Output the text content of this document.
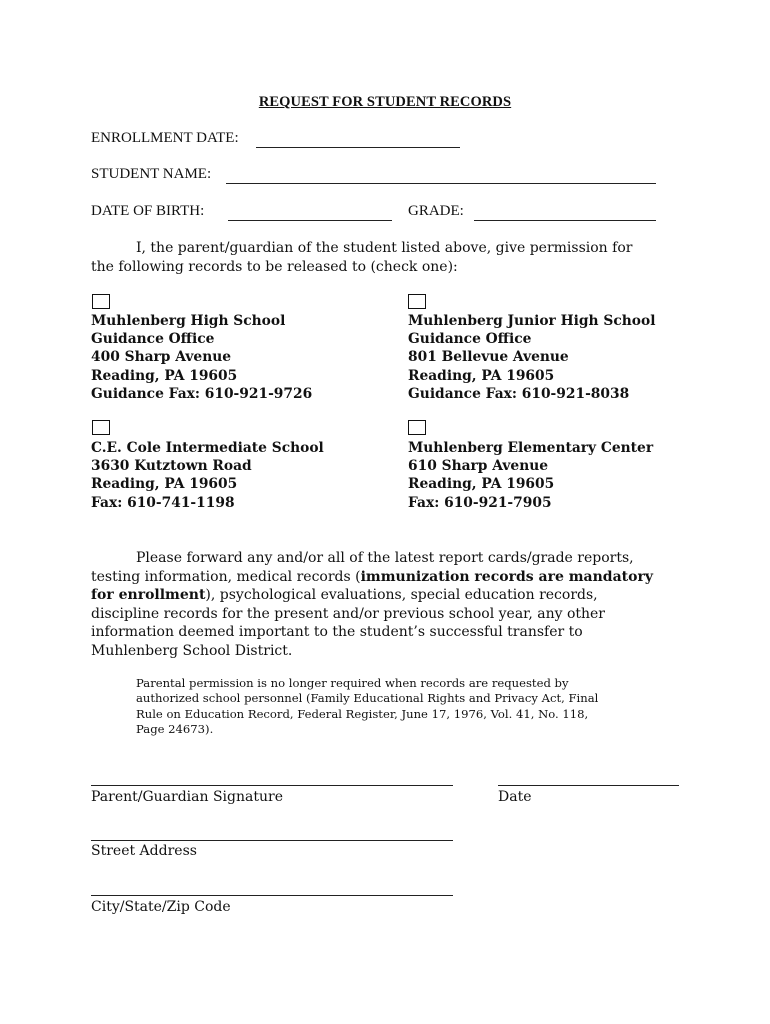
REQUEST FOR STUDENT RECORDS
ENROLLMENT DATE:
STUDENT NAME:
DATE OF BIRTH:	GRADE:
I, the parent/guardian of the student listed above, give permission for
the following records to be released to (check one):
Muhlenberg High School
Guidance Office
400 Sharp Avenue
Reading, PA 19605
Guidance Fax: 610-921-9726
Muhlenberg Junior High School
Guidance Office
801 Bellevue Avenue
Reading, PA 19605
Guidance Fax: 610-921-8038
C.E. Cole Intermediate School
3630 Kutztown Road
Reading, PA 19605
Fax: 610-741-1198
Muhlenberg Elementary Center
610 Sharp Avenue
Reading, PA 19605
Fax: 610-921-7905
Please forward any and/or all of the latest report cards/grade reports,
testing information, medical records (immunization records are mandatory
for enrollment), psychological evaluations, special education records,
discipline records for the present and/or previous school year, any other
information deemed important to the student’s successful transfer to
Muhlenberg School District.
Parental permission is no longer required when records are requested by
authorized school personnel (Family Educational Rights and Privacy Act, Final
Rule on Education Record, Federal Register, June 17, 1976, Vol. 41, No. 118,
Page 24673).
Parent/Guardian Signature	Date
Street Address
City/State/Zip Code
